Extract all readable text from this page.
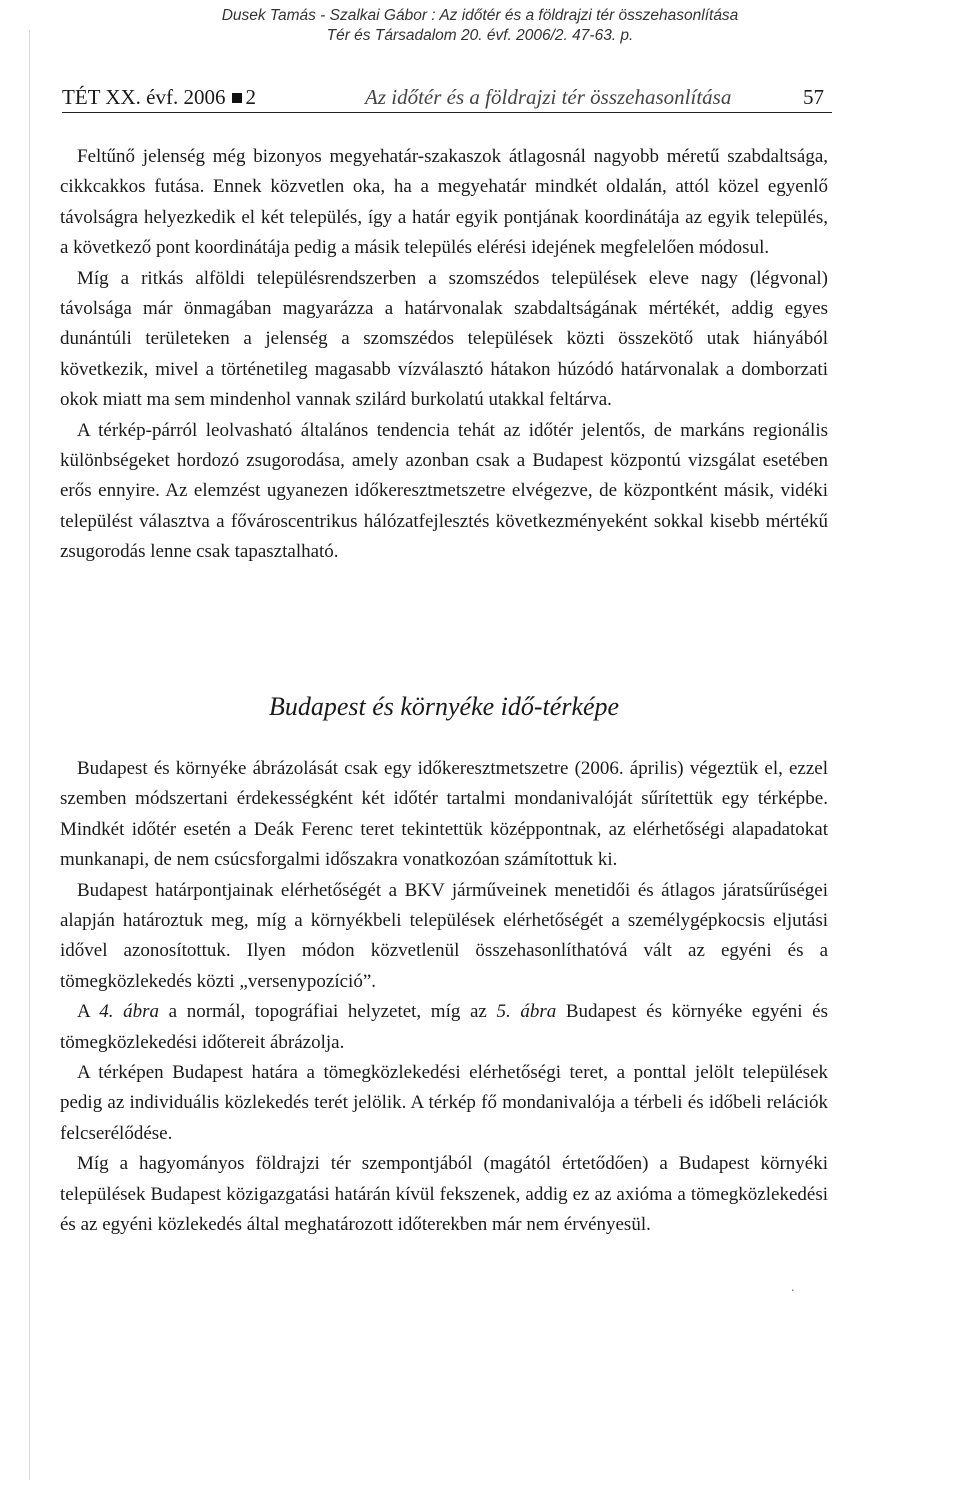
Dusek Tamás - Szalkai Gábor : Az időtér és a földrajzi tér összehasonlítása
Tér és Társadalom 20. évf. 2006/2. 47-63. p.
TÉT XX. évf. 2006 2	Az időtér és a földrajzi tér összehasonlítása	57

Feltűnő jelenség még bizonyos megyehatár-szakaszok átlagosnál nagyobb méretű szabdaltsága, cikkcakkos futása. Ennek közvetlen oka, ha a megyehatár mindkét oldalán, attól közel egyenlő távolságra helyezkedik el két település, így a határ egyik pontjának koordinátája az egyik település, a következő pont koordinátája pedig a másik település elérési idejének megfelelően módosul.

Míg a ritkás alföldi településrendszerben a szomszédos települések eleve nagy (légvonal) távolsága már önmagában magyarázza a határvonalak szabdaltságának mértékét, addig egyes dunántúli területeken a jelenség a szomszédos települések közti összekötő utak hiányából következik, mivel a történetileg magasabb vízválasztó hátakon húzódó határvonalak a domborzati okok miatt ma sem mindenhol vannak szilárd burkolatú utakkal feltárva.

A térkép-párról leolvasható általános tendencia tehát az időtér jelentős, de markáns regionális különbségeket hordozó zsugorodása, amely azonban csak a Budapest központú vizsgálat esetében erős ennyire. Az elemzést ugyanezen időkeresztmetszetre elvégezve, de központként másik, vidéki települést választva a fővároscentrikus hálózatfejlesztés következményeként sokkal kisebb mértékű zsugorodás lenne csak tapasztalható.

Budapest és környéke idő-térképe

Budapest és környéke ábrázolását csak egy időkeresztmetszetre (2006. április) végeztük el, ezzel szemben módszertani érdekességként két időtér tartalmi mondanivalóját sűrítettük egy térképbe. Mindkét időtér esetén a Deák Ferenc teret tekintettük középpontnak, az elérhetőségi alapadatokat munkanapi, de nem csúcsforgalmi időszakra vonatkozóan számítottuk ki.

Budapest határpontjainak elérhetőségét a BKV járműveinek menetidői és átlagos járatsűrűségei alapján határoztuk meg, míg a környékbeli települések elérhetőségét a személygépkocsis eljutási idővel azonosítottuk. Ilyen módon közvetlenül összehasonlíthatóvá vált az egyéni és a tömegközlekedés közti „versenypozíció”.

A 4. ábra a normál, topográfiai helyzetet, míg az 5. ábra Budapest és környéke egyéni és tömegközlekedési időtereit ábrázolja.

A térképen Budapest határa a tömegközlekedési elérhetőségi teret, a ponttal jelölt települések pedig az individuális közlekedés terét jelölik. A térkép fő mondanivalója a térbeli és időbeli relációk felcserélődése.

Míg a hagyományos földrajzi tér szempontjából (magától értetődően) a Budapest környéki települések Budapest közigazgatási határán kívül fekszenek, addig ez az axióma a tömegközlekedési és az egyéni közlekedés által meghatározott időterekben már nem érvényesül.

.
